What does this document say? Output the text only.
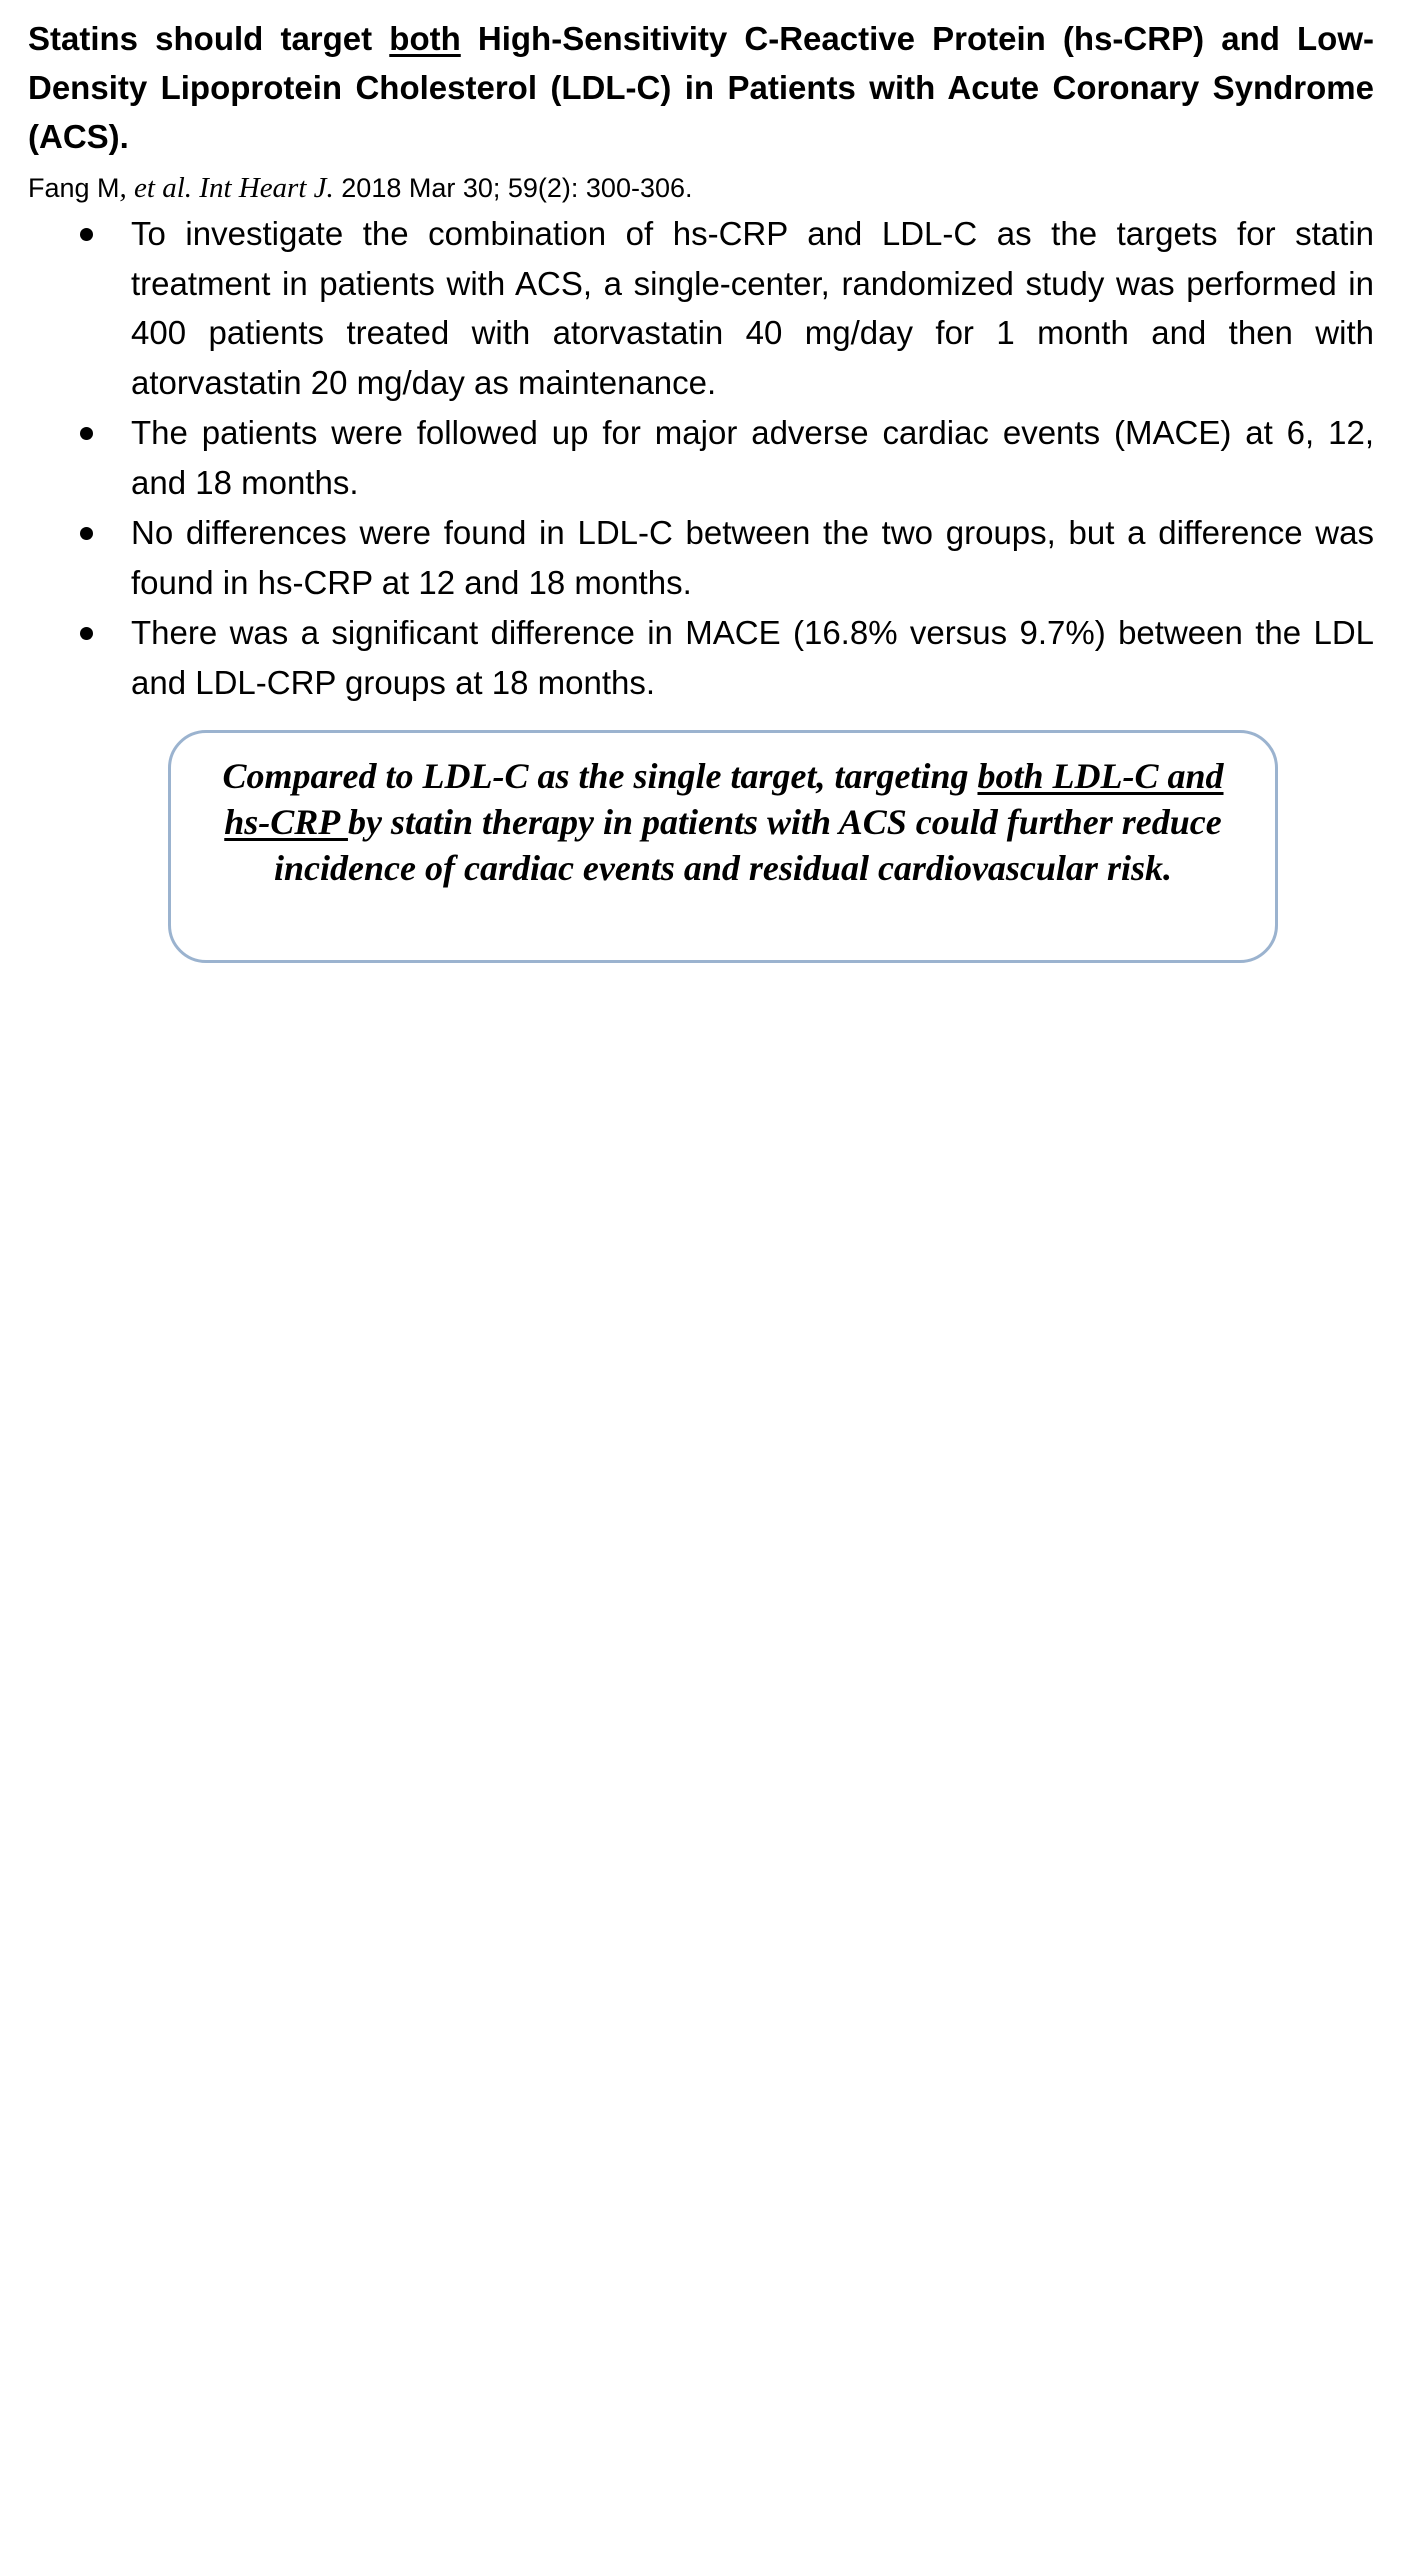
Statins should target both High-Sensitivity C-Reactive Protein (hs-CRP) and Low-Density Lipoprotein Cholesterol (LDL-C) in Patients with Acute Coronary Syndrome (ACS).

Fang M, et al. Int Heart J. 2018 Mar 30; 59(2): 300-306.

To investigate the combination of hs-CRP and LDL-C as the targets for statin treatment in patients with ACS, a single-center, randomized study was performed in 400 patients treated with atorvastatin 40 mg/day for 1 month and then with atorvastatin 20 mg/day as maintenance.
The patients were followed up for major adverse cardiac events (MACE) at 6, 12, and 18 months.
No differences were found in LDL-C between the two groups, but a difference was found in hs-CRP at 12 and 18 months.
There was a significant difference in MACE (16.8% versus 9.7%) between the LDL and LDL-CRP groups at 18 months.
Compared to LDL-C as the single target, targeting both LDL-C and hs-CRP by statin therapy in patients with ACS could further reduce incidence of cardiac events and residual cardiovascular risk.
